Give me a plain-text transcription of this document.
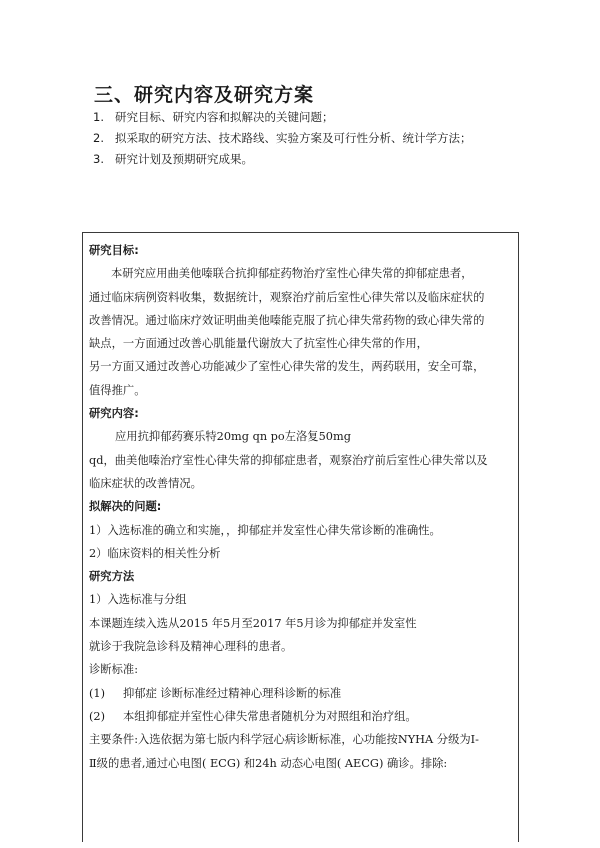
三、研究内容及研究方案
1. 研究目标、研究内容和拟解决的关键问题；
2. 拟采取的研究方法、技术路线、实验方案及可行性分析、统计学方法；
3. 研究计划及预期研究成果。

研究目标:

本研究应用曲美他嗪联合抗抑郁症药物治疗室性心律失常的抑郁症患者，

通过临床病例资料收集，数据统计，观察治疗前后室性心律失常以及临床症状的

改善情况。通过临床疗效证明曲美他嗪能克服了抗心律失常药物的致心律失常的

缺点，一方面通过改善心肌能量代谢放大了抗室性心律失常的作用，

另一方面又通过改善心功能减少了室性心律失常的发生，两药联用，安全可靠，

值得推广。

研究内容:

应用抗抑郁药赛乐特20mg qn po左洛复50mg

qd，曲美他嗪治疗室性心律失常的抑郁症患者，观察治疗前后室性心律失常以及

临床症状的改善情况。

拟解决的问题:

1）入选标准的确立和实施，，抑郁症并发室性心律失常诊断的准确性。

2）临床资料的相关性分析

研究方法

1）入选标准与分组

本课题连续入选从2015 年5月至2017 年5月诊为抑郁症并发室性

就诊于我院急诊科及精神心理科的患者。

诊断标准:

(1) 抑郁症 诊断标准经过精神心理科诊断的标准

(2) 本组抑郁症并室性心律失常患者随机分为对照组和治疗组。

主要条件:入选依据为第七版内科学冠心病诊断标准，心功能按NYHA 分级为Ⅰ-

Ⅱ级的患者,通过心电图( ECG) 和24h 动态心电图( AECG) 确诊。排除:
